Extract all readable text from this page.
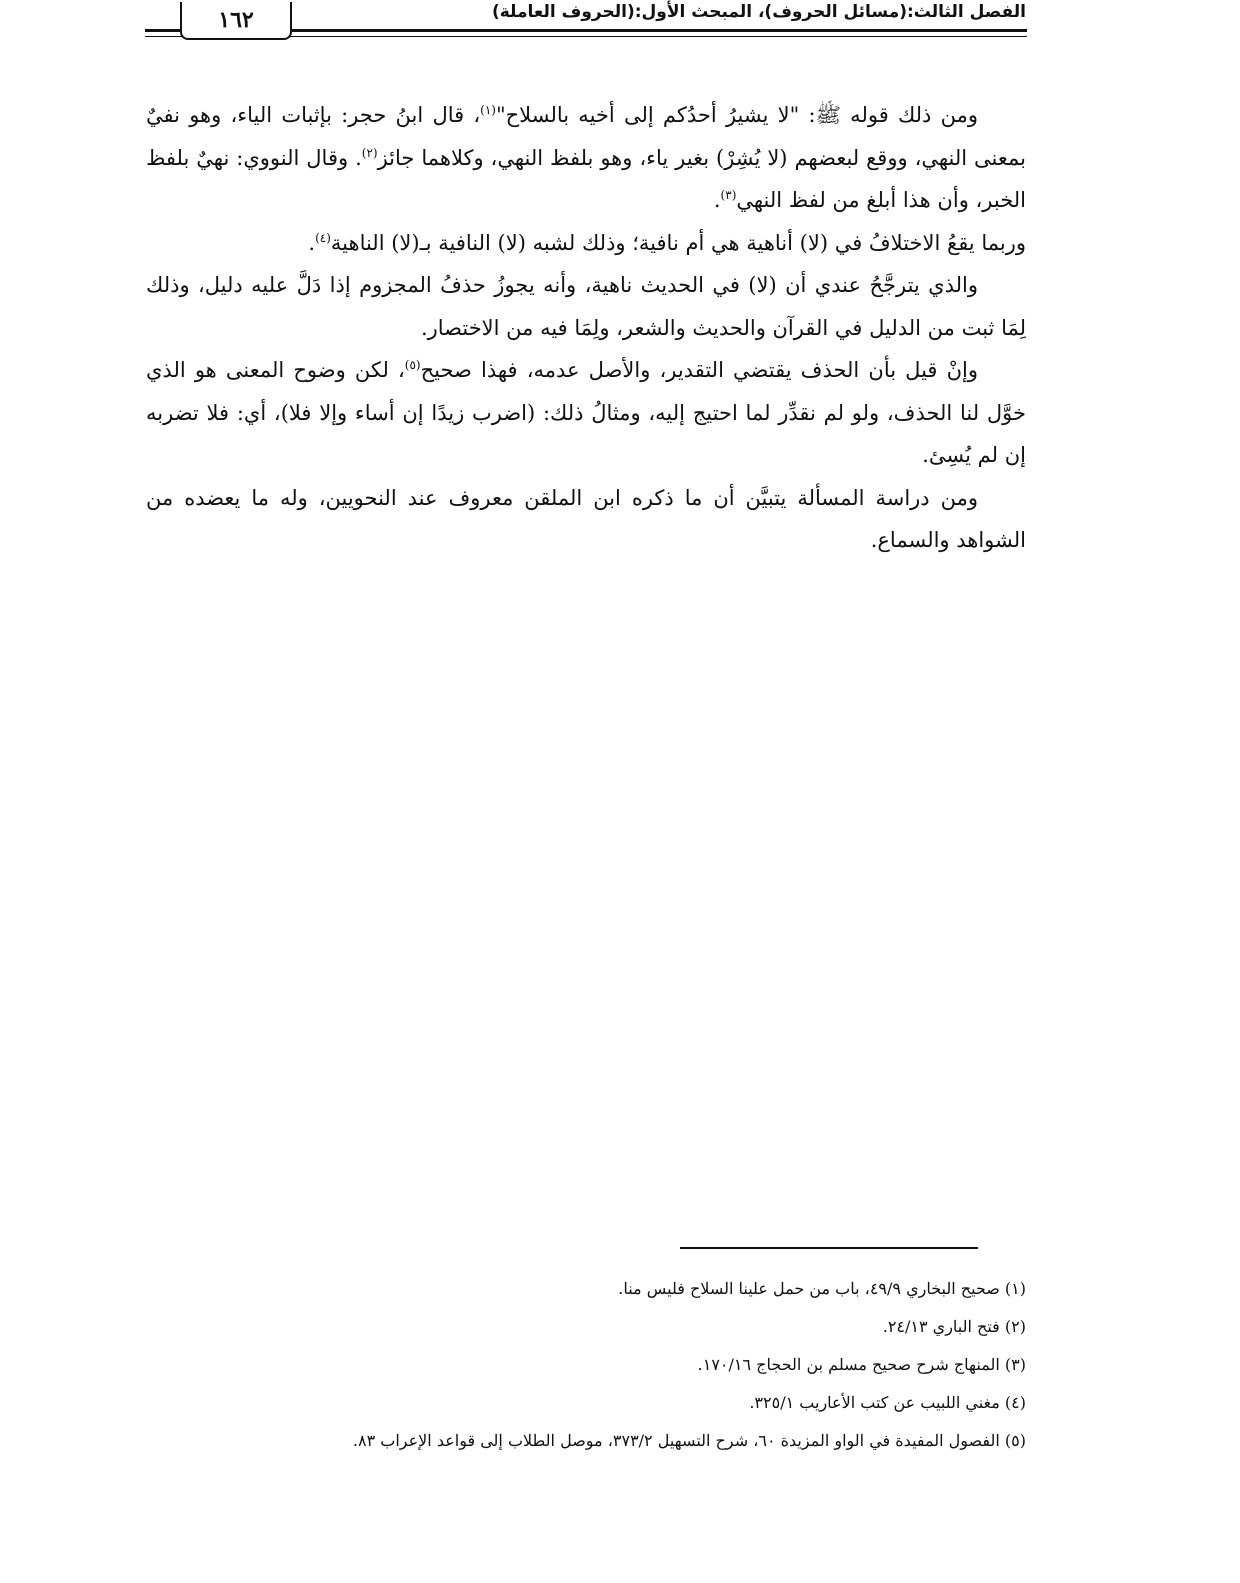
١٦٢	الفصل الثالث:(مسائل الحروف)، المبحث الأول:(الحروف العاملة)

ومن ذلك قوله ﷺ: "لا يشيرُ أحدُكم إلى أخيه بالسلاح"$^{(١)}$، قال ابنُ حجر: بإثبات الياء، وهو نفيٌ بمعنى النهي، ووقع لبعضهم (لا يُشِرْ) بغير ياء، وهو بلفظ النهي، وكلاهما جائز$^{(٢)}$. وقال النووي: نهيٌ بلفظ الخبر، وأن هذا أبلغ من لفظ النهي$^{(٣)}$.

وربما يقعُ الاختلافُ في (لا) أناهية هي أم نافية؛ وذلك لشبه (لا) النافية بـ(لا) الناهية$^{(٤)}$.

والذي يترجَّحُ عندي أن (لا) في الحديث ناهية، وأنه يجوزُ حذفُ المجزوم إذا دَلَّ عليه دليل، وذلك لِمَا ثبت من الدليل في القرآن والحديث والشعر، ولِمَا فيه من الاختصار.

وإنْ قيل بأن الحذف يقتضي التقدير، والأصل عدمه، فهذا صحيح$^{(٥)}$، لكن وضوح المعنى هو الذي خوَّل لنا الحذف، ولو لم نقدِّر لما احتيج إليه، ومثالُ ذلك: (اضرب زيدًا إن أساء وإلا فلا)، أي: فلا تضربه إن لم يُسِئ.

ومن دراسة المسألة يتبيَّن أن ما ذكره ابن الملقن معروف عند النحويين، وله ما يعضده من الشواهد والسماع.

(١) صحيح البخاري ٤٩/٩، باب من حمل علينا السلاح فليس منا.
(٢) فتح الباري ٢٤/١٣.
(٣) المنهاج شرح صحيح مسلم بن الحجاج ١٧٠/١٦.
(٤) مغني اللبيب عن كتب الأعاريب ٣٢٥/١.
(٥) الفصول المفيدة في الواو المزيدة ٦٠، شرح التسهيل ٣٧٣/٢، موصل الطلاب إلى قواعد الإعراب ٨٣.
